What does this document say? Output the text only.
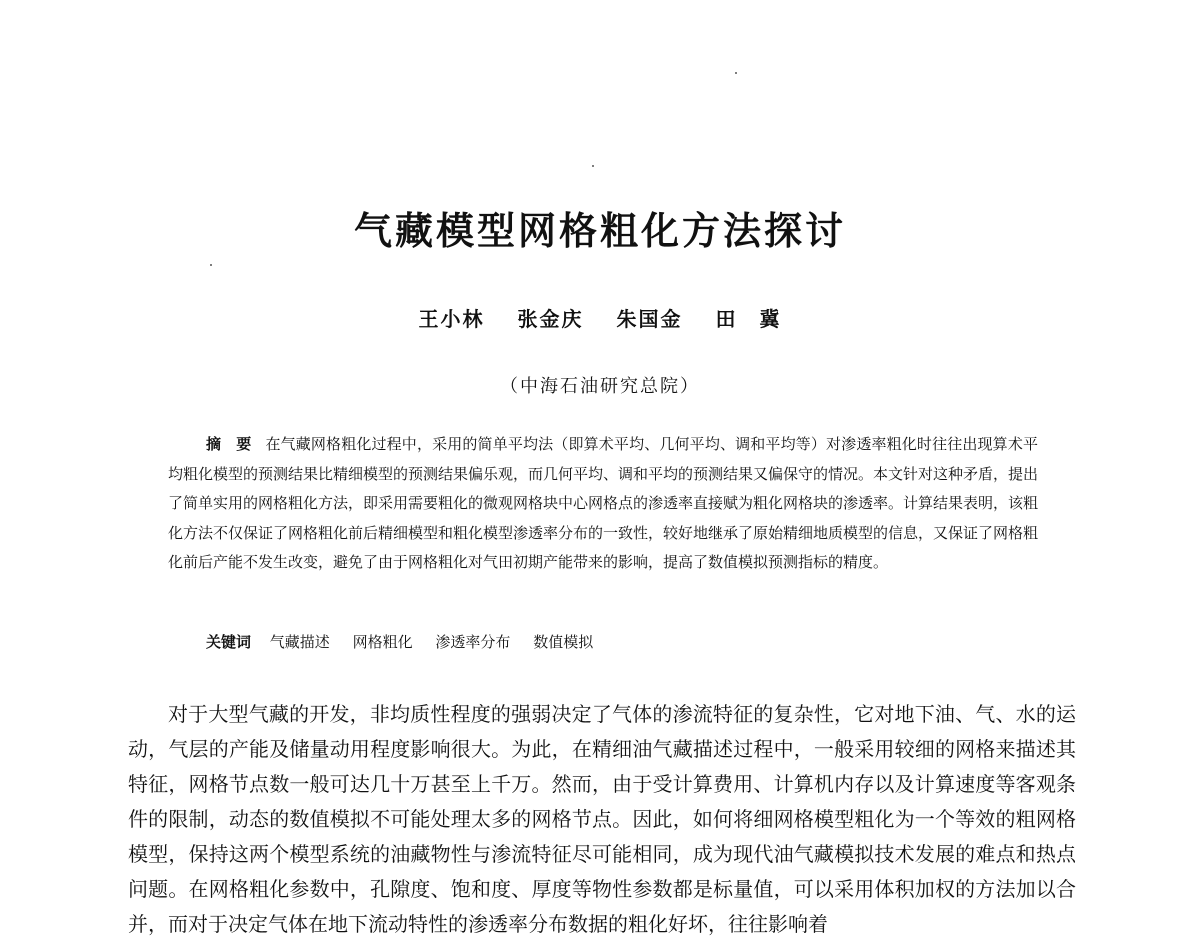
气藏模型网格粗化方法探讨
王小林 张金庆 朱国金 田　冀
（中海石油研究总院）

摘　要 在气藏网格粗化过程中，采用的简单平均法（即算术平均、几何平均、调和平均等）对渗透率粗化时往往出现算术平均粗化模型的预测结果比精细模型的预测结果偏乐观，而几何平均、调和平均的预测结果又偏保守的情况。本文针对这种矛盾，提出了简单实用的网格粗化方法，即采用需要粗化的微观网格块中心网格点的渗透率直接赋为粗化网格块的渗透率。计算结果表明，该粗化方法不仅保证了网格粗化前后精细模型和粗化模型渗透率分布的一致性，较好地继承了原始精细地质模型的信息，又保证了网格粗化前后产能不发生改变，避免了由于网格粗化对气田初期产能带来的影响，提高了数值模拟预测指标的精度。

关键词 气藏描述 网格粗化 渗透率分布 数值模拟

对于大型气藏的开发，非均质性程度的强弱决定了气体的渗流特征的复杂性，它对地下油、气、水的运动，气层的产能及储量动用程度影响很大。为此，在精细油气藏描述过程中，一般采用较细的网格来描述其特征，网格节点数一般可达几十万甚至上千万。然而，由于受计算费用、计算机内存以及计算速度等客观条件的限制，动态的数值模拟不可能处理太多的网格节点。因此，如何将细网格模型粗化为一个等效的粗网格模型，保持这两个模型系统的油藏物性与渗流特征尽可能相同，成为现代油气藏模拟技术发展的难点和热点问题。在网格粗化参数中，孔隙度、饱和度、厚度等物性参数都是标量值，可以采用体积加权的方法加以合并，而对于决定气体在地下流动特性的渗透率分布数据的粗化好坏，往往影响着
